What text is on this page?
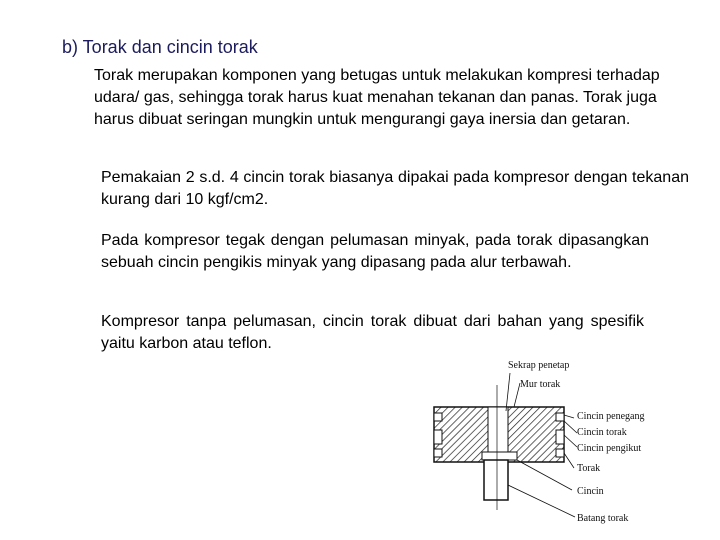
b) Torak dan cincin torak
Torak merupakan komponen yang betugas untuk melakukan kompresi terhadap udara/ gas, sehingga torak harus kuat menahan tekanan dan panas. Torak juga harus dibuat seringan mungkin untuk mengurangi gaya inersia dan getaran.
Pemakaian 2 s.d. 4 cincin torak biasanya dipakai pada kompresor dengan tekanan kurang dari 10 kgf/cm2.
Pada kompresor tegak dengan pelumasan minyak, pada torak dipasangkan sebuah cincin pengikis minyak yang dipasang pada alur terbawah.
Kompresor tanpa pelumasan, cincin torak dibuat dari bahan yang spesifik yaitu karbon atau teflon.
Sekrap penetap
Mur torak
Cincin penegang
Cincin torak
Cincin pengikut
Torak
Cincin
Batang torak
